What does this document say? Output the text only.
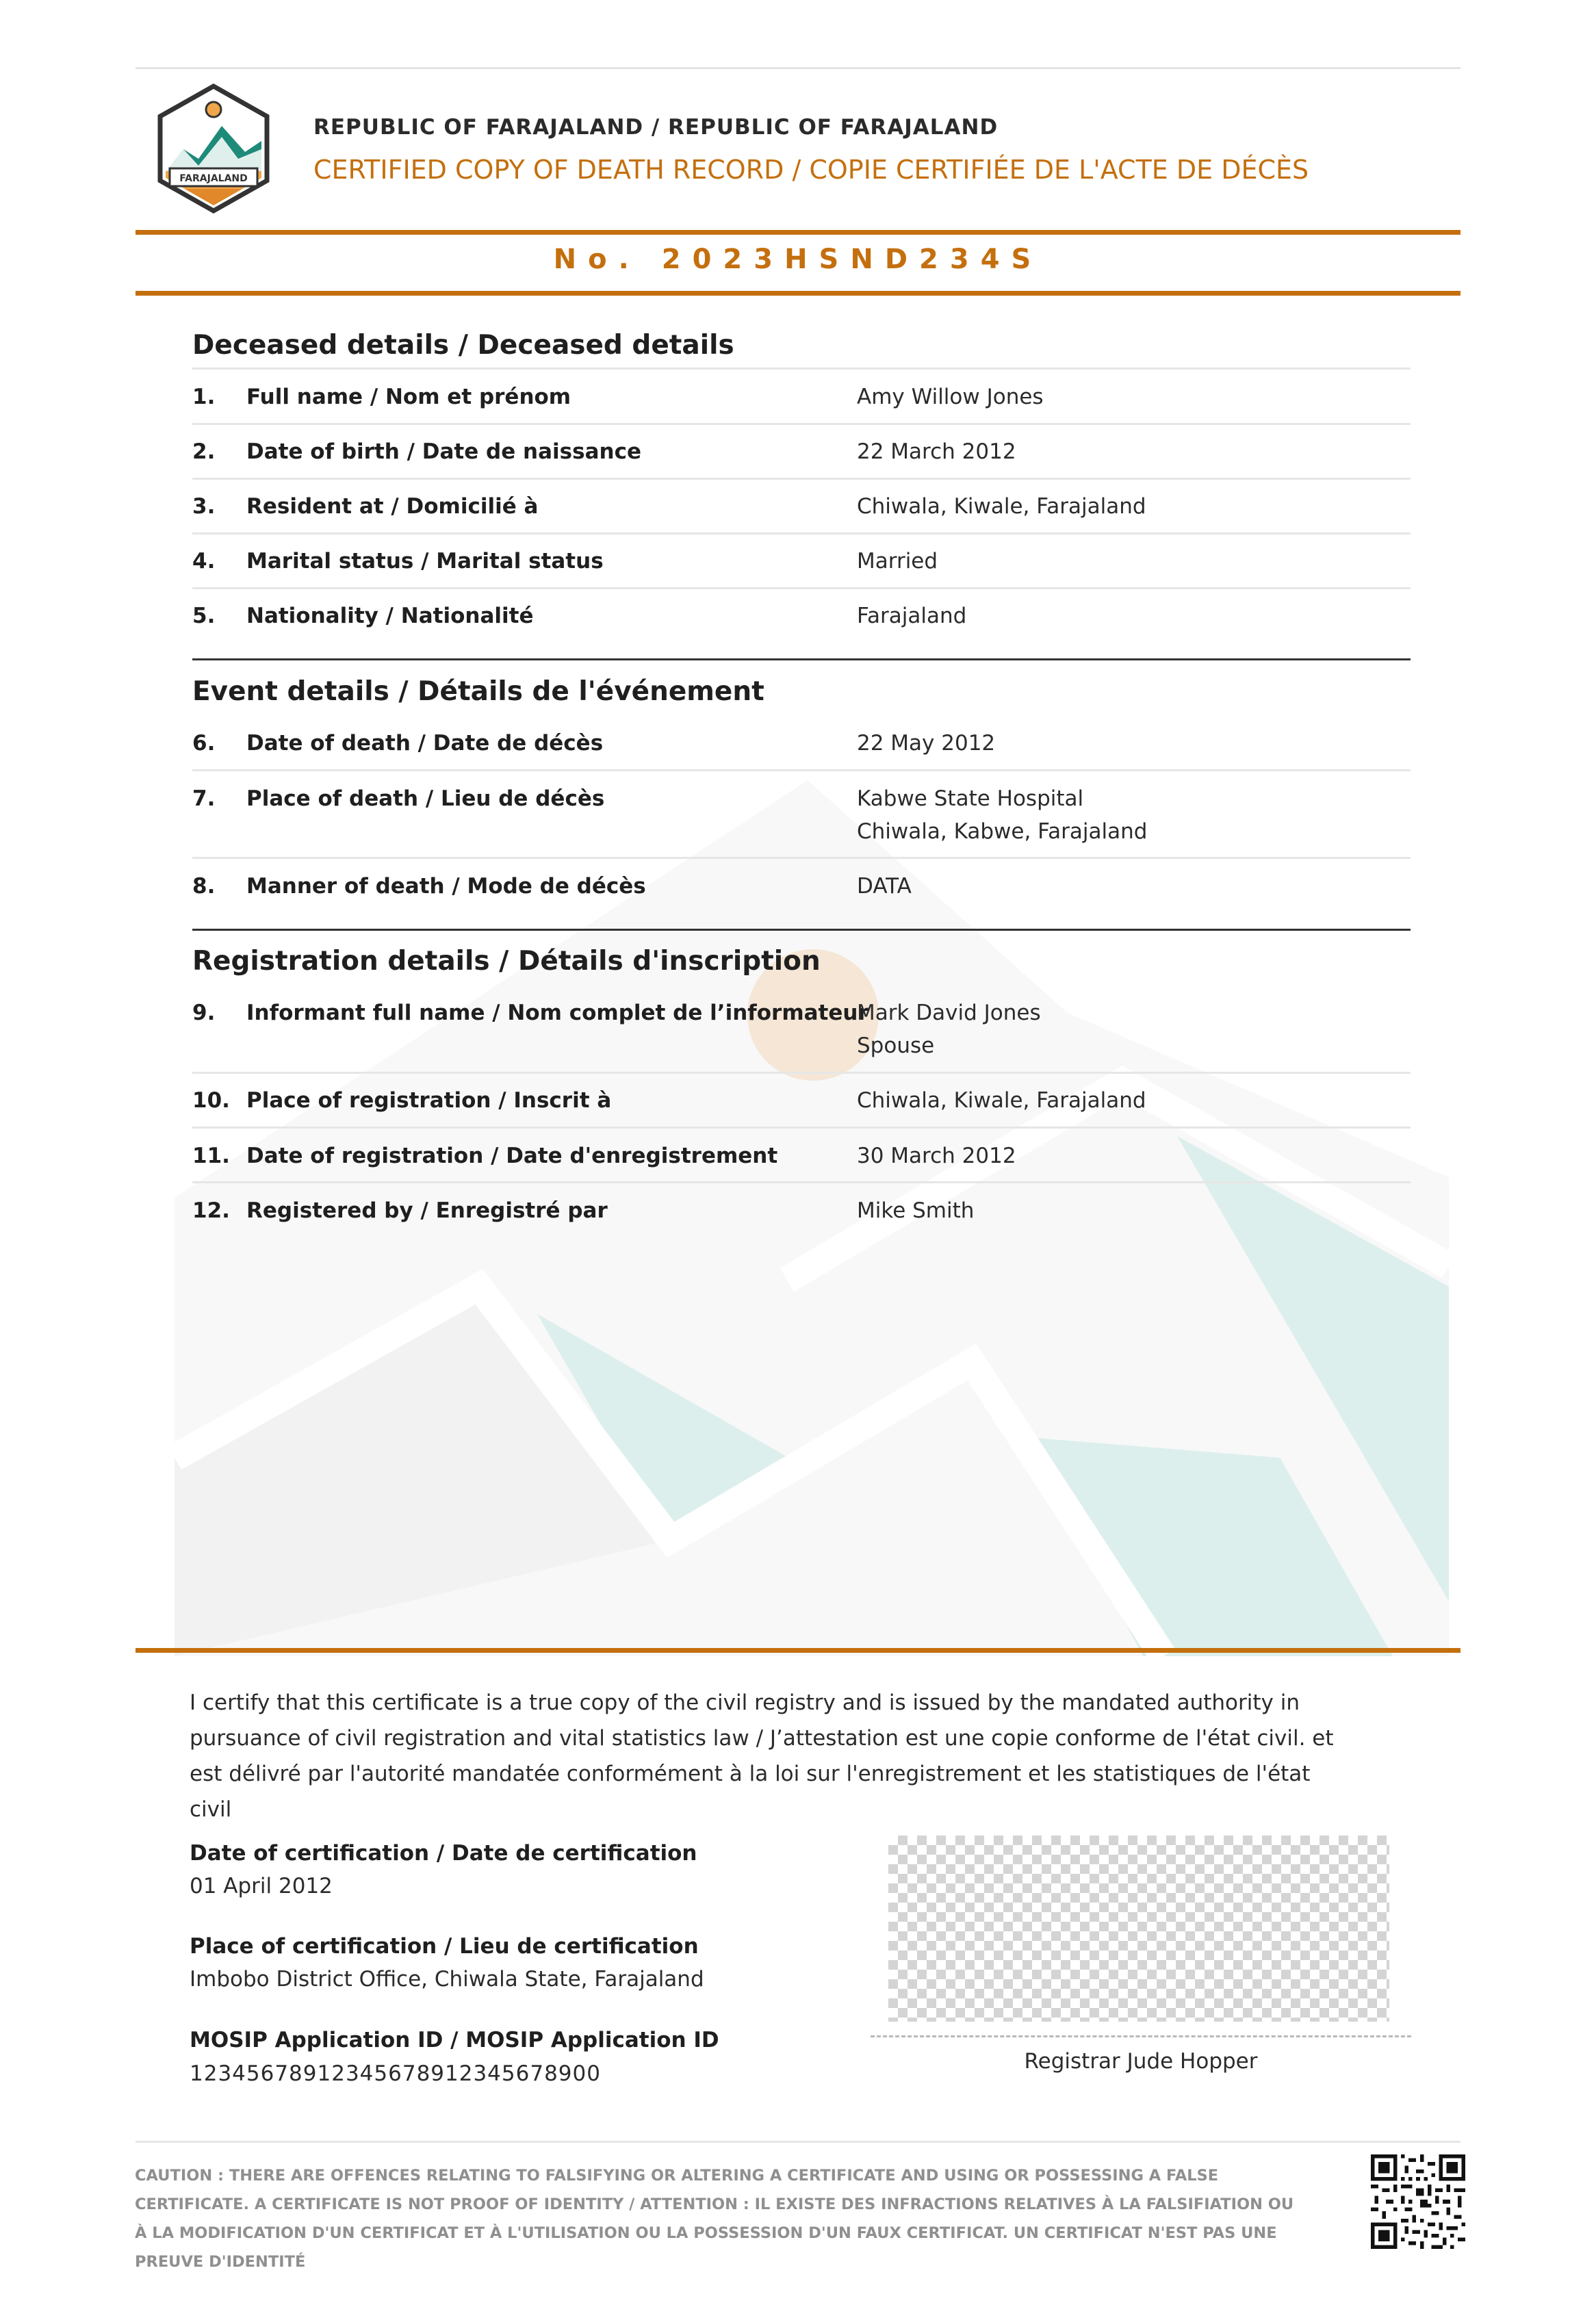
FARAJALAND
REPUBLIC OF FARAJALAND / REPUBLIC OF FARAJALAND
CERTIFIED COPY OF DEATH RECORD / COPIE CERTIFIÉE DE L'ACTE DE DÉCÈS
No. 2023HSND234S
Deceased details / Deceased details
1. Full name / Nom et prénom	Amy Willow Jones
2. Date of birth / Date de naissance	22 March 2012
3. Resident at / Domicilié à	Chiwala, Kiwale, Farajaland
4. Marital status / Marital status	Married
5. Nationality / Nationalité	Farajaland
Event details / Détails de l'événement
6. Date of death / Date de décès	22 May 2012
7. Place of death / Lieu de décès	Kabwe State Hospital
Chiwala, Kabwe, Farajaland
8. Manner of death / Mode de décès	DATA
Registration details / Détails d'inscription
9. Informant full name / Nom complet de l’informateur
Mark David Jones
Spouse
10. Place of registration / Inscrit à	Chiwala, Kiwale, Farajaland
11. Date of registration / Date d'enregistrement	30 March 2012
12. Registered by / Enregistré par	Mike Smith
I certify that this certificate is a true copy of the civil registry and is issued by the mandated authority in pursuance of civil registration and vital statistics law / J’attestation est une copie conforme de l'état civil. et est délivré par l'autorité mandatée conformément à la loi sur l'enregistrement et les statistiques de l'état civil
Date of certification / Date de certification
01 April 2012
Place of certification / Lieu de certification
Imbobo District Office, Chiwala State, Farajaland
MOSIP Application ID / MOSIP Application ID
1234567891234567891234567890​0	Registrar Jude Hopper
CAUTION : THERE ARE OFFENCES RELATING TO FALSIFYING OR ALTERING A CERTIFICATE AND USING OR POSSESSING A FALSE CERTIFICATE. A CERTIFICATE IS NOT PROOF OF IDENTITY / ATTENTION : IL EXISTE DES INFRACTIONS RELATIVES À LA FALSIFIATION OU À LA MODIFICATION D'UN CERTIFICAT ET À L'UTILISATION OU LA POSSESSION D'UN FAUX CERTIFICAT. UN CERTIFICAT N'EST PAS UNE PREUVE D'IDENTITÉ
